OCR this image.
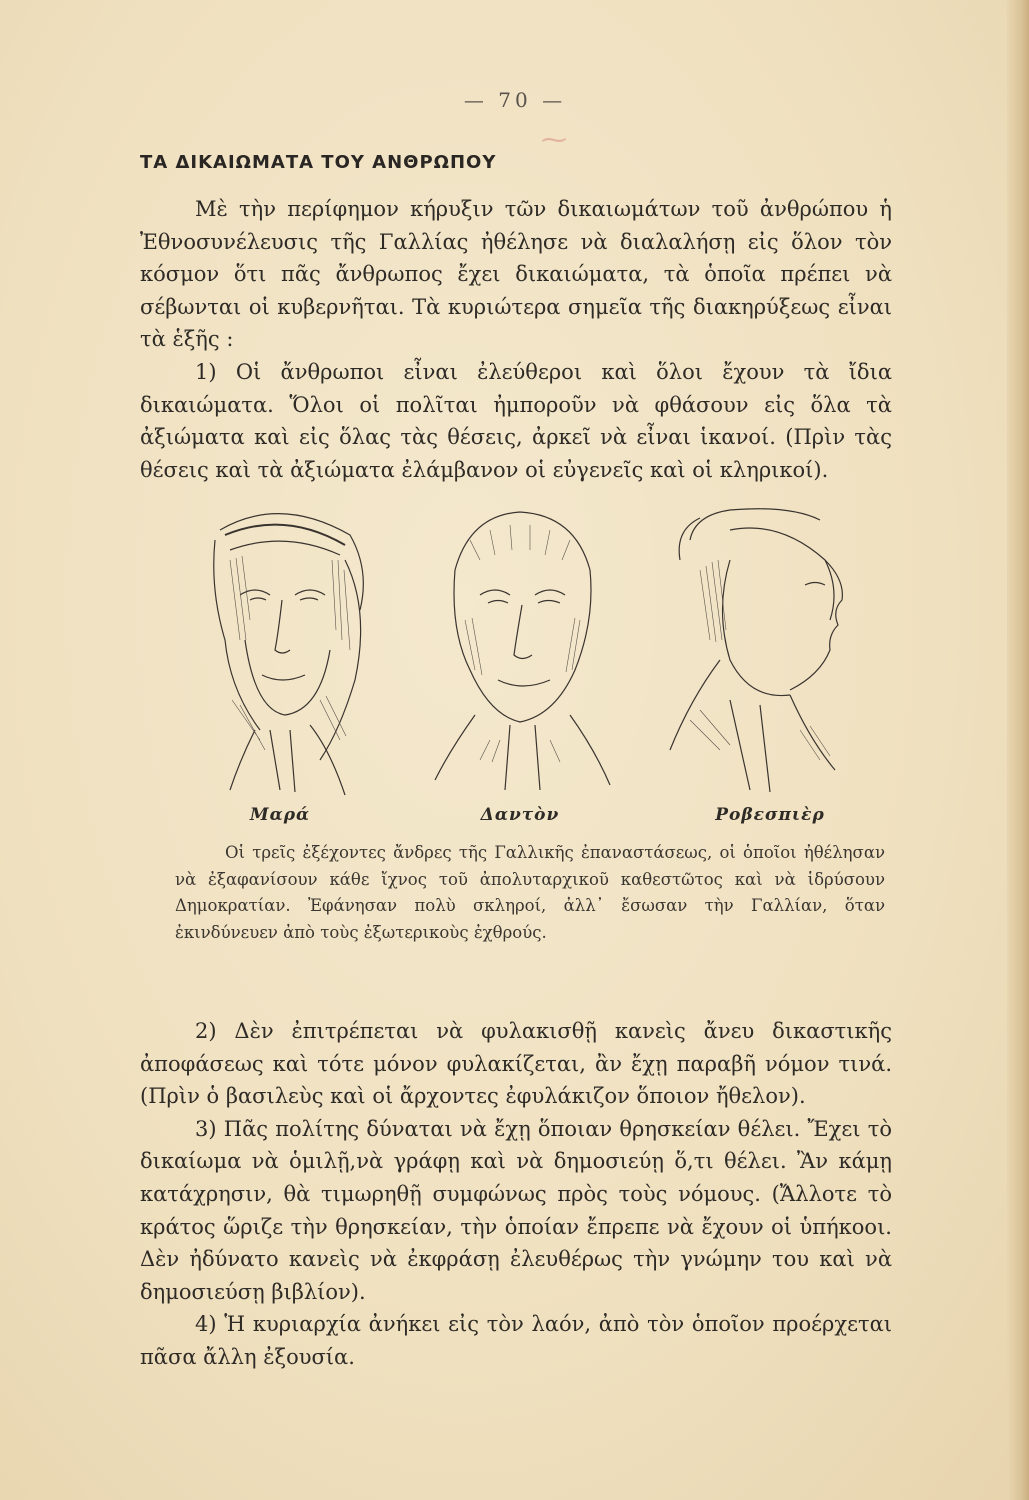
— 70 —
⁓
ΤΑ ΔΙΚΑΙΩΜΑΤΑ ΤΟΥ ΑΝΘΡΩΠΟΥ

Μὲ τὴν περίφημον κήρυξιν τῶν δικαιωμάτων τοῦ ἀνθρώπου ἡ Ἐθνοσυνέλευσις τῆς Γαλλίας ἠθέλησε νὰ διαλαλήσῃ εἰς ὅλον τὸν κόσμον ὅτι πᾶς ἄνθρωπος ἔχει δικαιώματα, τὰ ὁποῖα πρέπει νὰ σέβωνται οἱ κυβερνῆται. Τὰ κυριώτερα σημεῖα τῆς διακηρύξεως εἶναι τὰ ἑξῆς :

1) Οἱ ἄνθρωποι εἶναι ἐλεύθεροι καὶ ὅλοι ἔχουν τὰ ἴδια δικαιώματα. Ὅλοι οἱ πολῖται ἠμποροῦν νὰ φθάσουν εἰς ὅλα τὰ ἀξιώματα καὶ εἰς ὅλας τὰς θέσεις, ἀρκεῖ νὰ εἶναι ἱκανοί. (Πρὶν τὰς θέσεις καὶ τὰ ἀξιώματα ἐλάμβανον οἱ εὐγενεῖς καὶ οἱ κληρικοί).

Μαρά	Δαντὸν	Ροβεσπιὲρ

Οἱ τρεῖς ἐξέχοντες ἄνδρες τῆς Γαλλικῆς ἐπαναστάσεως, οἱ ὁποῖοι ἠθέλησαν νὰ ἐξαφανίσουν κάθε ἴχνος τοῦ ἀπολυταρχικοῦ καθεστῶτος καὶ νὰ ἱδρύσουν Δημοκρατίαν. Ἐφάνησαν πολὺ σκληροί, ἀλλ᾽ ἔσωσαν τὴν Γαλλίαν, ὅταν ἐκινδύνευεν ἀπὸ τοὺς ἐξωτερικοὺς ἐχθρούς.

2) Δὲν ἐπιτρέπεται νὰ φυλακισθῇ κανεὶς ἄνευ δικαστικῆς ἀποφάσεως καὶ τότε μόνον φυλακίζεται, ἂν ἔχῃ παραβῆ νόμον τινά. (Πρὶν ὁ βασιλεὺς καὶ οἱ ἄρχοντες ἐφυλάκιζον ὅποιον ἤθελον).

3) Πᾶς πολίτης δύναται νὰ ἔχῃ ὅποιαν θρησκείαν θέλει. Ἔχει τὸ δικαίωμα νὰ ὁμιλῇ,νὰ γράφῃ καὶ νὰ δημοσιεύῃ ὅ,τι θέλει. Ἂν κάμῃ κατάχρησιν, θὰ τιμωρηθῇ συμφώνως πρὸς τοὺς νόμους. (Ἄλλοτε τὸ κράτος ὥριζε τὴν θρησκείαν, τὴν ὁποίαν ἔπρεπε νὰ ἔχουν οἱ ὑπήκοοι. Δὲν ἠδύνατο κανεὶς νὰ ἐκφράσῃ ἐλευθέρως τὴν γνώμην του καὶ νὰ δημοσιεύσῃ βιβλίον).

4) Ἡ κυριαρχία ἀνήκει εἰς τὸν λαόν, ἀπὸ τὸν ὁποῖον προέρχεται πᾶσα ἄλλη ἐξουσία.
